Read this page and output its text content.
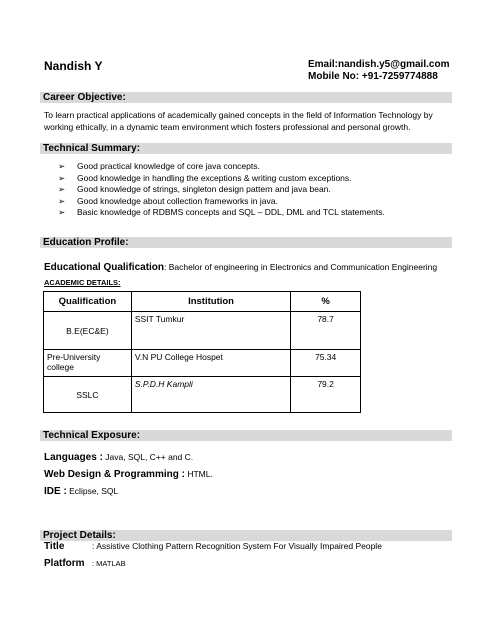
Nandish Y	Email:nandish.y5@gmail.com
Mobile No: +91-7259774888
Career Objective:
To learn practical applications of academically gained concepts in the field of Information Technology by working ethically, in a dynamic team environment which fosters professional and personal growth.
Technical Summary:
➢ Good practical knowledge of core java concepts.
➢ Good knowledge in handling the exceptions & writing custom exceptions.
➢ Good knowledge of strings, singleton design pattern and java bean.
➢ Good knowledge about collection frameworks in java.
➢ Basic knowledge of RDBMS concepts and SQL – DDL, DML and TCL statements.
Education Profile:
Educational Qualification: Bachelor of engineering in Electronics and Communication Engineering
ACADEMIC DETAILS:
Qualification	Institution	%
B.E(EC&E)	SSIT Tumkur	78.7
Pre-University college	V.N PU College Hospet	75.34
SSLC	S.P.D.H Kampli	79.2
Technical Exposure:
Languages : Java, SQL, C++ and C.
Web Design & Programming : HTML.
IDE : Eclipse, SQL
Project Details:
Title	: Assistive Clothing Pattern Recognition System For Visually Impaired People
Platform : MATLAB
